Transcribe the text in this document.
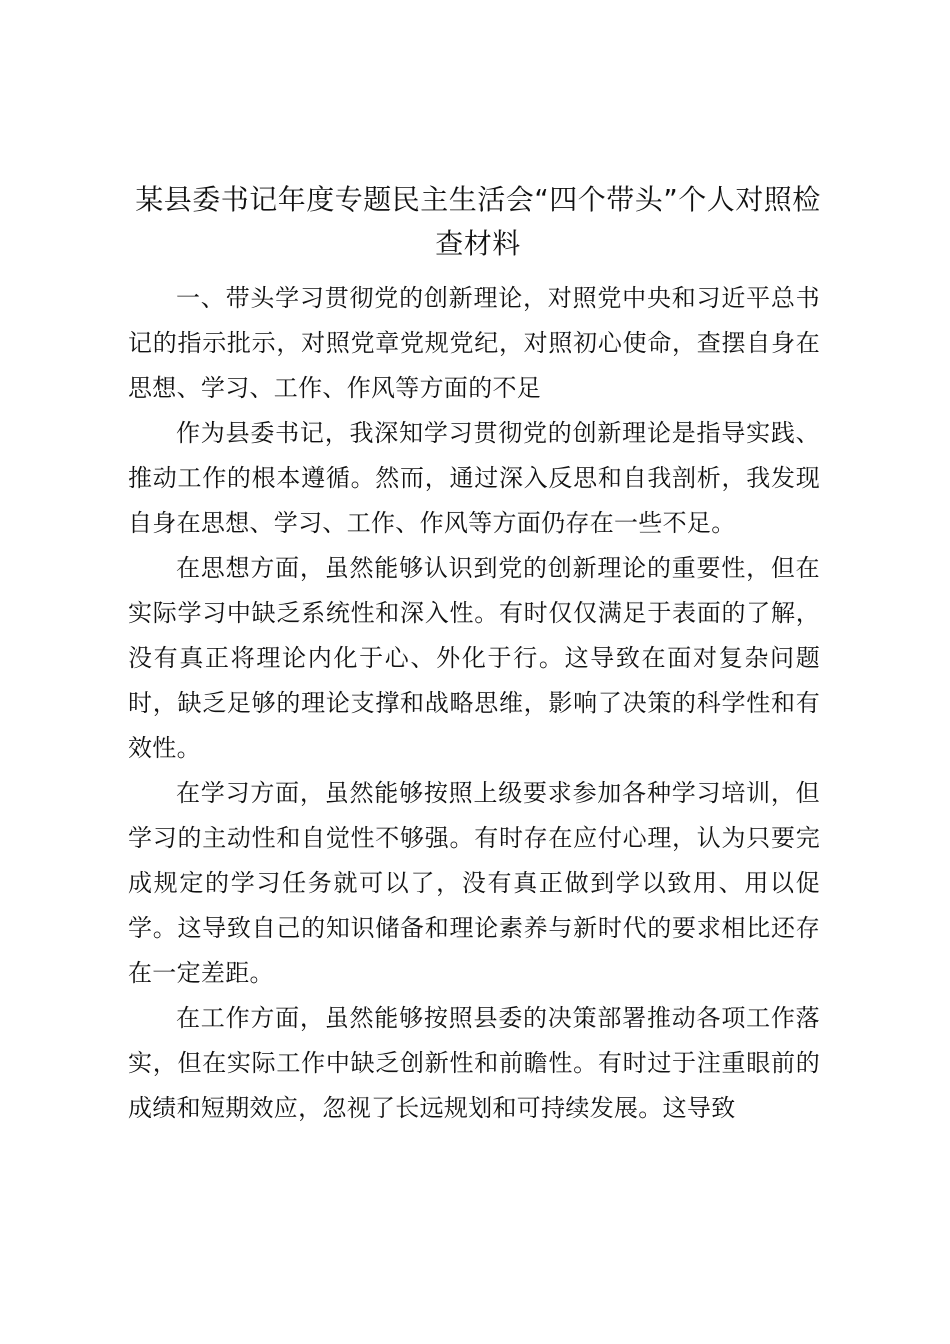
某县委书记年度专题民主生活会“四个带头”个人对照检查材料

一、带头学习贯彻党的创新理论，对照党中央和习近平总书记的指示批示，对照党章党规党纪，对照初心使命，查摆自身在思想、学习、工作、作风等方面的不足

作为县委书记，我深知学习贯彻党的创新理论是指导实践、推动工作的根本遵循。然而，通过深入反思和自我剖析，我发现自身在思想、学习、工作、作风等方面仍存在一些不足。

在思想方面，虽然能够认识到党的创新理论的重要性，但在实际学习中缺乏系统性和深入性。有时仅仅满足于表面的了解，没有真正将理论内化于心、外化于行。这导致在面对复杂问题时，缺乏足够的理论支撑和战略思维，影响了决策的科学性和有效性。

在学习方面，虽然能够按照上级要求参加各种学习培训，但学习的主动性和自觉性不够强。有时存在应付心理，认为只要完成规定的学习任务就可以了，没有真正做到学以致用、用以促学。这导致自己的知识储备和理论素养与新时代的要求相比还存在一定差距。

在工作方面，虽然能够按照县委的决策部署推动各项工作落实，但在实际工作中缺乏创新性和前瞻性。有时过于注重眼前的成绩和短期效应，忽视了长远规划和可持续发展。这导致
